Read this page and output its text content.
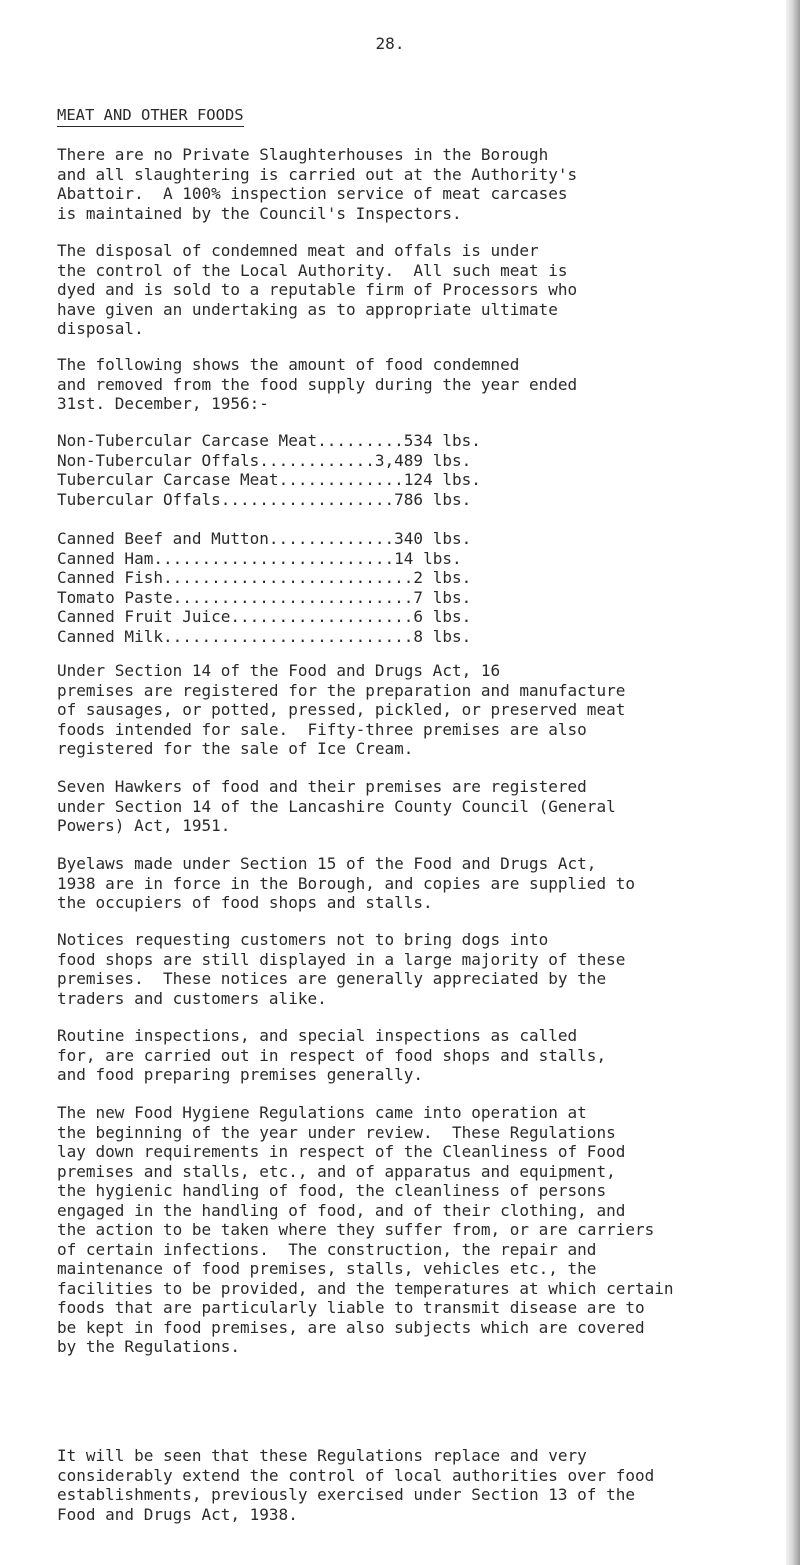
28.
MEAT AND OTHER FOODS

There are no Private Slaughterhouses in the Borough
and all slaughtering is carried out at the Authority's
Abattoir.  A 100% inspection service of meat carcases
is maintained by the Council's Inspectors.

The disposal of condemned meat and offals is under
the control of the Local Authority.  All such meat is
dyed and is sold to a reputable firm of Processors who
have given an undertaking as to appropriate ultimate
disposal.

The following shows the amount of food condemned
and removed from the food supply during the year ended
31st. December, 1956:-

Non-Tubercular Carcase Meat ......... 534
lbs.
Non-Tubercular Offals ............ 3,489
lbs.
Tubercular Carcase Meat ............. 124
lbs.
Tubercular Offals .................. 786
lbs.
Canned Beef and Mutton ............. 340
lbs.
Canned Ham ......................... 14
lbs.
Canned Fish .......................... 2
lbs.
Tomato Paste ......................... 7
lbs.
Canned Fruit Juice ................... 6
lbs.
Canned Milk .......................... 8
lbs.

Under Section 14 of the Food and Drugs Act, 16
premises are registered for the preparation and manufacture
of sausages, or potted, pressed, pickled, or preserved meat
foods intended for sale.  Fifty-three premises are also
registered for the sale of Ice Cream.

Seven Hawkers of food and their premises are registered
under Section 14 of the Lancashire County Council (General
Powers) Act, 1951.

Byelaws made under Section 15 of the Food and Drugs Act,
1938 are in force in the Borough, and copies are supplied to
the occupiers of food shops and stalls.

Notices requesting customers not to bring dogs into
food shops are still displayed in a large majority of these
premises.  These notices are generally appreciated by the
traders and customers alike.

Routine inspections, and special inspections as called
for, are carried out in respect of food shops and stalls,
and food preparing premises generally.

The new Food Hygiene Regulations came into operation at
the beginning of the year under review.  These Regulations
lay down requirements in respect of the Cleanliness of Food
premises and stalls, etc., and of apparatus and equipment,
the hygienic handling of food, the cleanliness of persons
engaged in the handling of food, and of their clothing, and
the action to be taken where they suffer from, or are carriers
of certain infections.  The construction, the repair and
maintenance of food premises, stalls, vehicles etc., the
facilities to be provided, and the temperatures at which certain
foods that are particularly liable to transmit disease are to
be kept in food premises, are also subjects which are covered
by the Regulations.

It will be seen that these Regulations replace and very
considerably extend the control of local authorities over food
establishments, previously exercised under Section 13 of the
Food and Drugs Act, 1938.
